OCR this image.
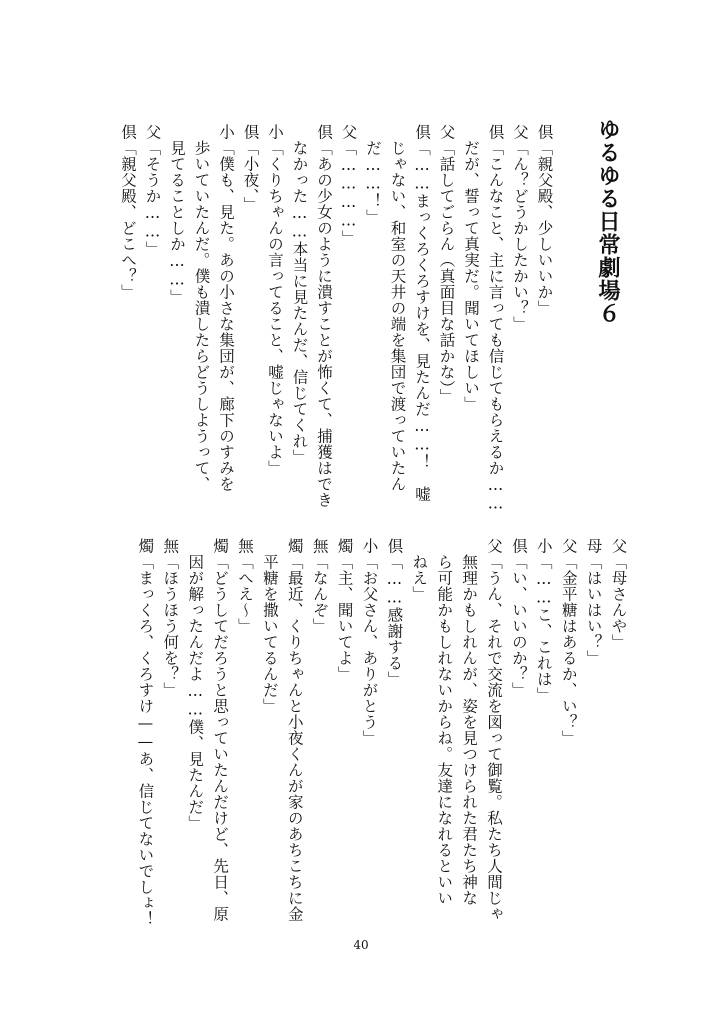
ゆるゆる日常劇場６
倶「親父殿、少しいいか」
父「ん？どうかしたかい？」
倶「こんなこと、主に言っても信じてもらえるか……
　だが、誓って真実だ。聞いてほしい」
父「話してごらん（真面目な話かな）」
倶「……まっくろくろすけを、見たんだ……！　嘘
　じゃない、和室の天井の端を集団で渡っていたん
　だ……！」
父「…………」
倶「あの少女のように潰すことが怖くて、捕獲はでき
　なかった……本当に見たんだ、信じてくれ」
小「くりちゃんの言ってること、嘘じゃないよ」
倶「小夜、」
小「僕も、見た。あの小さな集団が、廊下のすみを
　歩いていたんだ。僕も潰したらどうしようって、
　見てることしか……」
父「そうか……」
倶「親父殿、どこへ？」
父「母さんや」
母「はいはい？」
父「金平糖はあるか、い？」
小「……こ、これは」
倶「い、いいのか？」
父「うん、それで交流を図って御覧。私たち人間じゃ
　無理かもしれんが、姿を見つけられた君たち神な
　ら可能かもしれないからね。友達になれるといい
　ねえ」
倶「……感謝する」
小「お父さん、ありがとう」
燭「主、聞いてよ」
無「なんぞ」
燭「最近、くりちゃんと小夜くんが家のあちこちに金
　平糖を撒いてるんだ」
無「へえ〜」
燭「どうしてだろうと思っていたんだけど、先日、原
　因が解ったんだよ……僕、見たんだ」
無「ほうほう何を？」
燭「まっくろ、くろすけ——あ、信じてないでしょ！
40
